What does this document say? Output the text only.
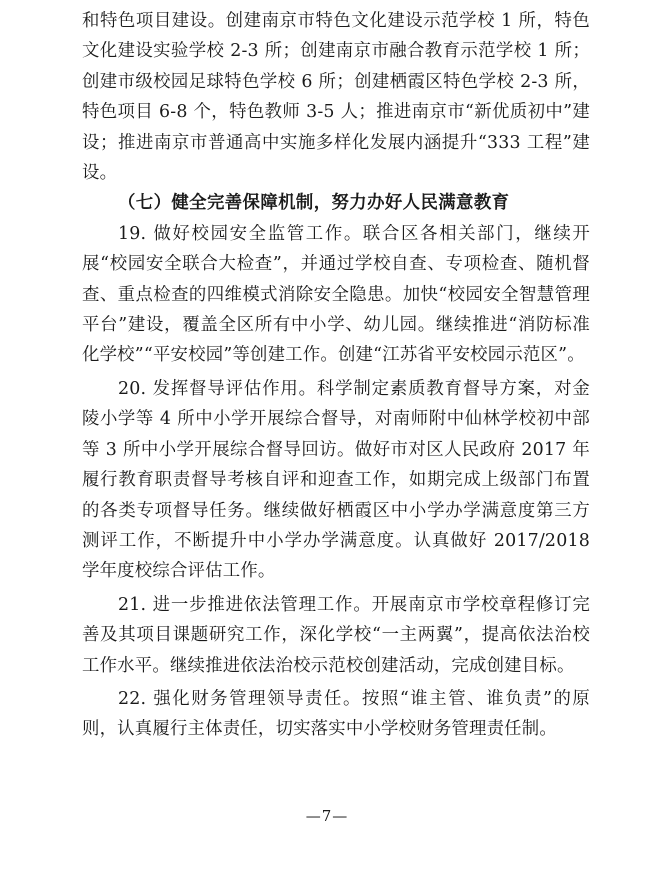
和特色项目建设。创建南京市特色文化建设示范学校 1 所，特色文化建设实验学校 2-3 所；创建南京市融合教育示范学校 1 所；创建市级校园足球特色学校 6 所；创建栖霞区特色学校 2-3 所，特色项目 6-8 个，特色教师 3-5 人；推进南京市“新优质初中”建设；推进南京市普通高中实施多样化发展内涵提升“333 工程”建设。

（七）健全完善保障机制，努力办好人民满意教育

19. 做好校园安全监管工作。联合区各相关部门，继续开展“校园安全联合大检查”，并通过学校自查、专项检查、随机督查、重点检查的四维模式消除安全隐患。加快“校园安全智慧管理平台”建设，覆盖全区所有中小学、幼儿园。继续推进“消防标准化学校”“平安校园”等创建工作。创建“江苏省平安校园示范区”。

20. 发挥督导评估作用。科学制定素质教育督导方案，对金陵小学等 4 所中小学开展综合督导，对南师附中仙林学校初中部等 3 所中小学开展综合督导回访。做好市对区人民政府 2017 年履行教育职责督导考核自评和迎查工作，如期完成上级部门布置的各类专项督导任务。继续做好栖霞区中小学办学满意度第三方测评工作，不断提升中小学办学满意度。认真做好 2017/2018 学年度校综合评估工作。

21. 进一步推进依法管理工作。开展南京市学校章程修订完善及其项目课题研究工作，深化学校“一主两翼”，提高依法治校工作水平。继续推进依法治校示范校创建活动，完成创建目标。

22. 强化财务管理领导责任。按照“谁主管、谁负责”的原则，认真履行主体责任，切实落实中小学校财务管理责任制。

—7—
